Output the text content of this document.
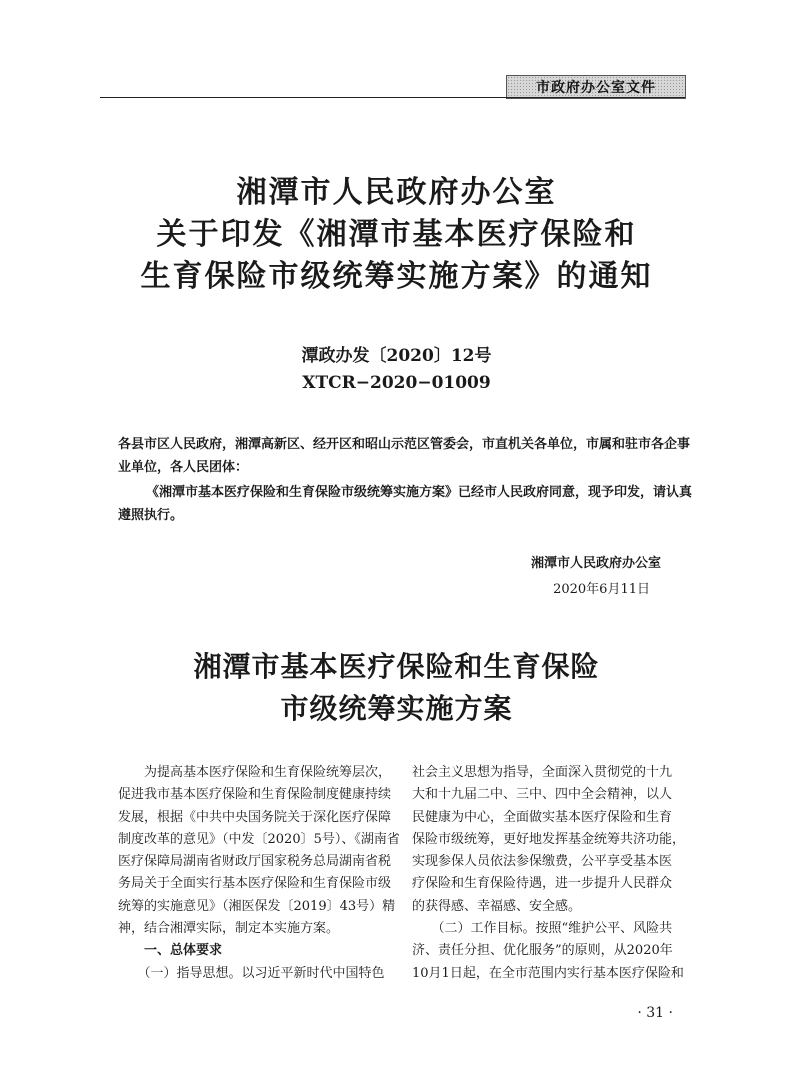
市政府办公室文件
湘潭市人民政府办公室
关于印发《湘潭市基本医疗保险和
生育保险市级统筹实施方案》的通知
潭政办发〔2020〕12号
XTCR−2020−01009
各县市区人民政府，湘潭高新区、经开区和昭山示范区管委会，市直机关各单位，市属和驻市各企事
业单位，各人民团体：
《湘潭市基本医疗保险和生育保险市级统筹实施方案》已经市人民政府同意，现予印发，请认真
遵照执行。
湘潭市人民政府办公室
2020年6月11日
湘潭市基本医疗保险和生育保险
市级统筹实施方案
　　为提高基本医疗保险和生育保险统筹层次，
促进我市基本医疗保险和生育保险制度健康持续
发展，根据《中共中央国务院关于深化医疗保障
制度改革的意见》（中发〔2020〕5号）、《湖南省
医疗保障局湖南省财政厅国家税务总局湖南省税
务局关于全面实行基本医疗保险和生育保险市级
统筹的实施意见》（湘医保发〔2019〕43号）精
神，结合湘潭实际，制定本实施方案。
　　一、总体要求
　　（一）指导思想。以习近平新时代中国特色
社会主义思想为指导，全面深入贯彻党的十九
大和十九届二中、三中、四中全会精神，以人
民健康为中心，全面做实基本医疗保险和生育
保险市级统筹，更好地发挥基金统筹共济功能，
实现参保人员依法参保缴费，公平享受基本医
疗保险和生育保险待遇，进一步提升人民群众
的获得感、幸福感、安全感。
　　（二）工作目标。按照“维护公平、风险共
济、责任分担、优化服务”的原则，从2020年
10月1日起，在全市范围内实行基本医疗保险和
· 31 ·
